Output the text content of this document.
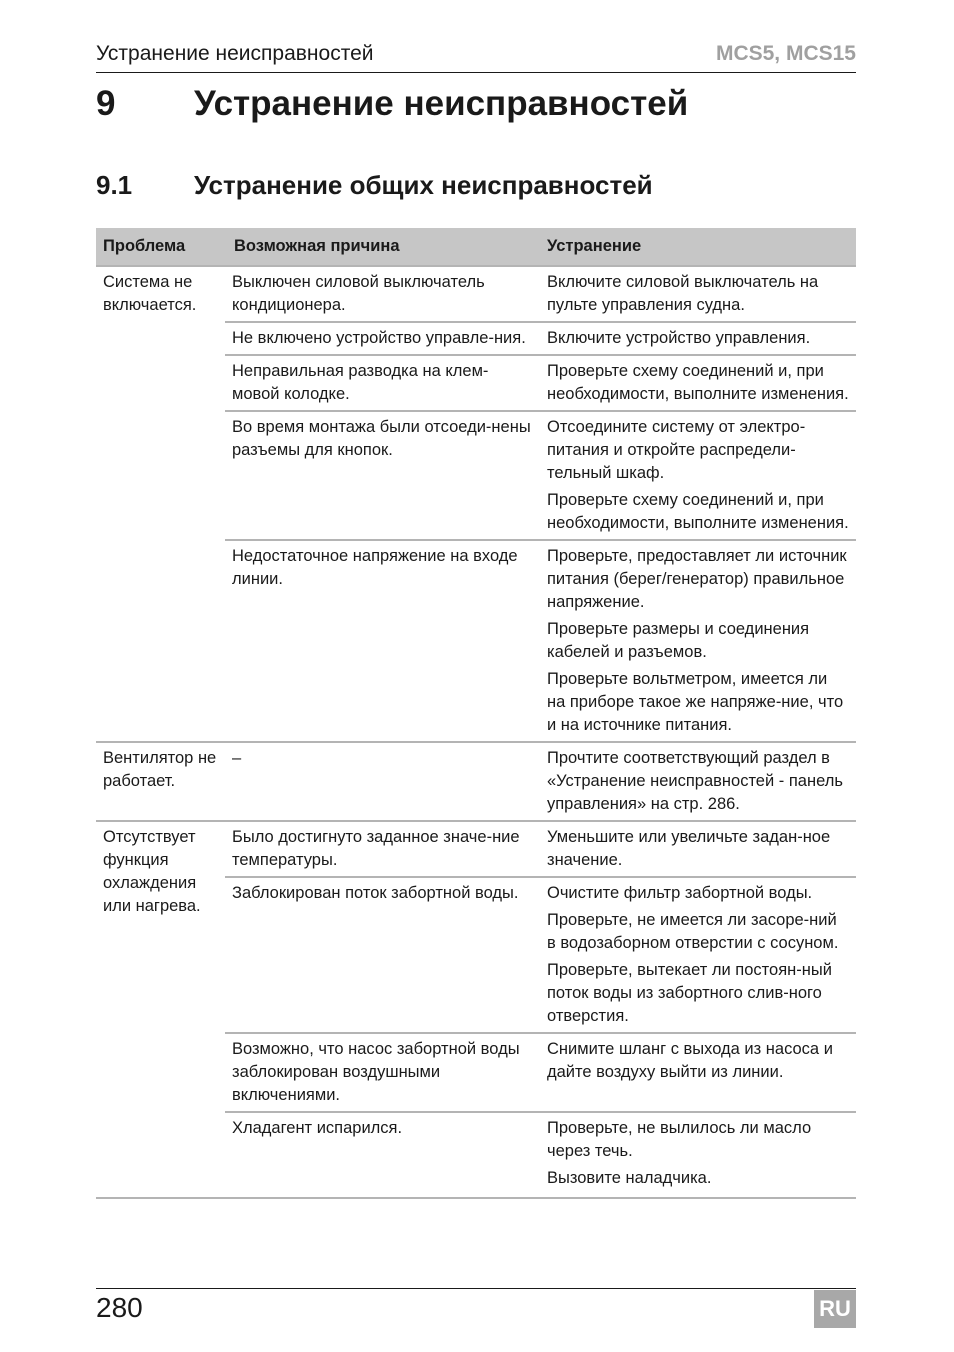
Устранение неисправностей	MCS5, MCS15
9 Устранение неисправностей
9.1 Устранение общих неисправностей
Проблема	Возможная причина	Устранение
Система не включается.	Выключен силовой выключатель кондиционера.	Включите силовой выключатель на пульте управления судна.

	Не включено устройство управле-ния.	Включите устройство управления.

	Неправильная разводка на клем-мовой колодке.	Проверьте схему соединений и, при необходимости, выполните изменения.

	Во время монтажа были отсоеди-нены разъемы для кнопок.	Отсоедините систему от электро-питания и откройте распредели-тельный шкаф.
Проверьте схему соединений и, при необходимости, выполните изменения.

	Недостаточное напряжение на входе линии.	Проверьте, предоставляет ли источник питания (берег/генератор) правильное напряжение.
Проверьте размеры и соединения кабелей и разъемов.
Проверьте вольтметром, имеется ли на приборе такое же напряже-ние, что и на источнике питания.

Вентилятор не работает.	–	Прочтите соответствующий раздел в «Устранение неисправностей - панель управления» на стр. 286.

Отсутствует функция охлаждения или нагрева.	Было достигнуто заданное значе-ние температуры.	Уменьшите или увеличьте задан-ное значение.

	Заблокирован поток забортной воды.	Очистите фильтр забортной воды.
Проверьте, не имеется ли засоре-ний в водозаборном отверстии с сосуном.
Проверьте, вытекает ли постоян-ный поток воды из забортного слив-ного отверстия.

	Возможно, что насос забортной воды заблокирован воздушными включениями.	Снимите шланг с выхода из насоса и дайте воздуху выйти из линии.

	Хладагент испарился.	Проверьте, не вылилось ли масло через течь.
Вызовите наладчика.
280	RU
